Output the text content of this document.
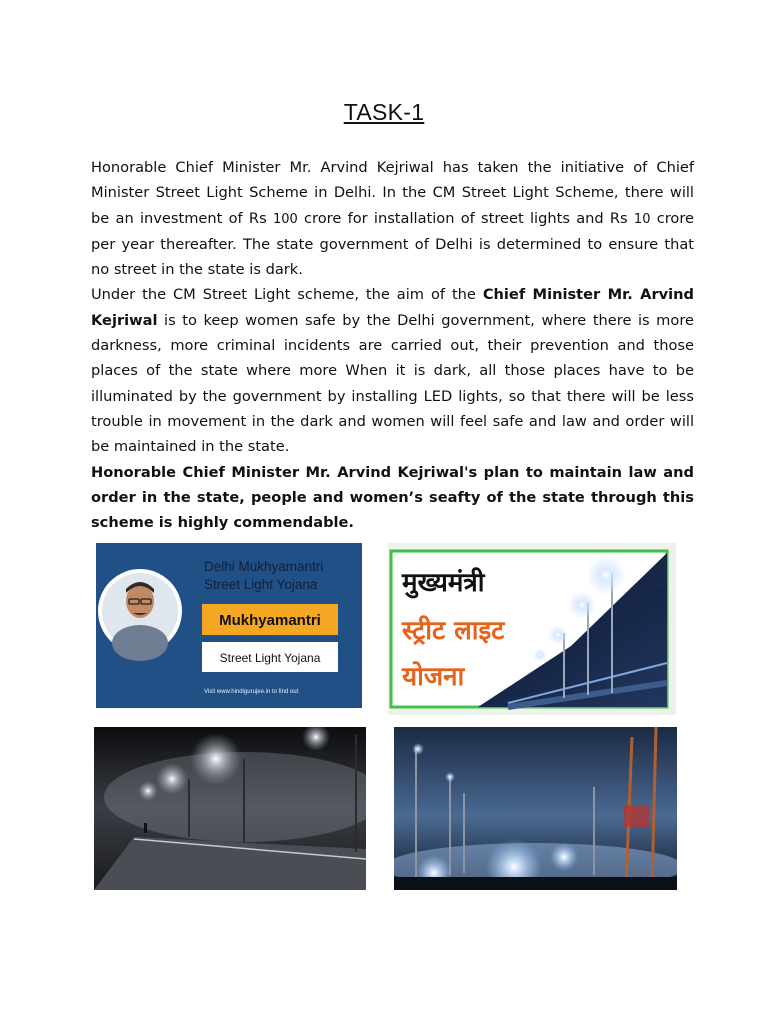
TASK-1

Honorable Chief Minister Mr. Arvind Kejriwal has taken the initiative of Chief Minister Street Light Scheme in Delhi. In the CM Street Light Scheme, there will be an investment of Rs 100 crore for installation of street lights and Rs 10 crore per year thereafter. The state government of Delhi is determined to ensure that no street in the state is dark.

Under the CM Street Light scheme, the aim of the Chief Minister Mr. Arvind Kejriwal is to keep women safe by the Delhi government, where there is more darkness, more criminal incidents are carried out, their prevention and those places of the state where more When it is dark, all those places have to be illuminated by the government by installing LED lights, so that there will be less trouble in movement in the dark and women will feel safe and law and order will be maintained in the state.

Honorable Chief Minister Mr. Arvind Kejriwal's plan to maintain law and order in the state, people and women’s seafty of the state through this scheme is highly commendable.

Delhi Mukhyamantri
Street Light Yojana
Mukhyamantri
Street Light Yojana
Visit www.hindigurujee.in to find out
मुख्यमंत्री
स्ट्रीट लाइट
योजना
